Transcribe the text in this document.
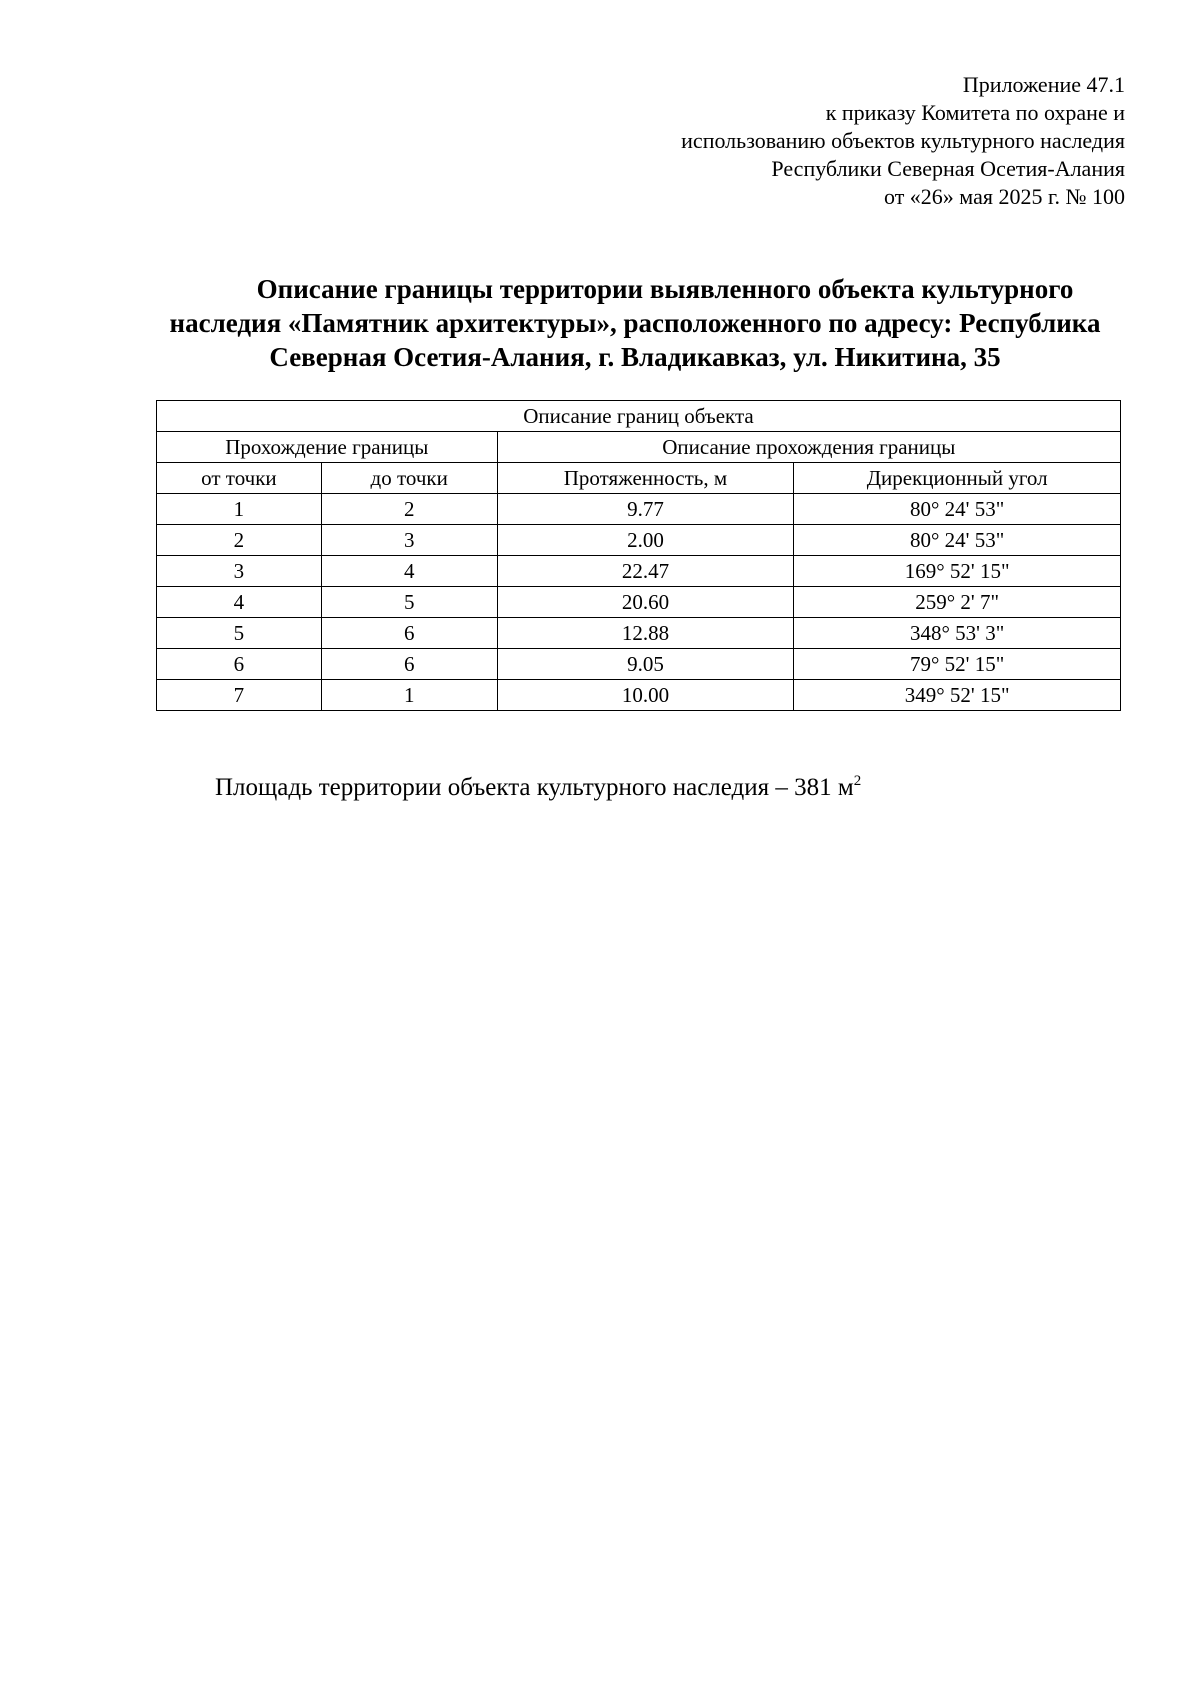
Приложение 47.1
к приказу Комитета по охране и
использованию объектов культурного наследия
Республики Северная Осетия-Алания
от «26» мая 2025 г. № 100
Описание границы территории выявленного объекта культурного
наследия «Памятник архитектуры», расположенного по адресу: Республика
Северная Осетия-Алания, г. Владикавказ, ул. Никитина, 35
Описание границ объекта			
Прохождение границы		Описание прохождения границы	
от точки	до точки	Протяженность, м	Дирекционный угол
1	2	9.77	80° 24' 53"
2	3	2.00	80° 24' 53"
3	4	22.47	169° 52' 15"
4	5	20.60	259° 2' 7"
5	6	12.88	348° 53' 3"
6	6	9.05	79° 52' 15"
7	1	10.00	349° 52' 15"
Площадь территории объекта культурного наследия – 381 $м^2$
